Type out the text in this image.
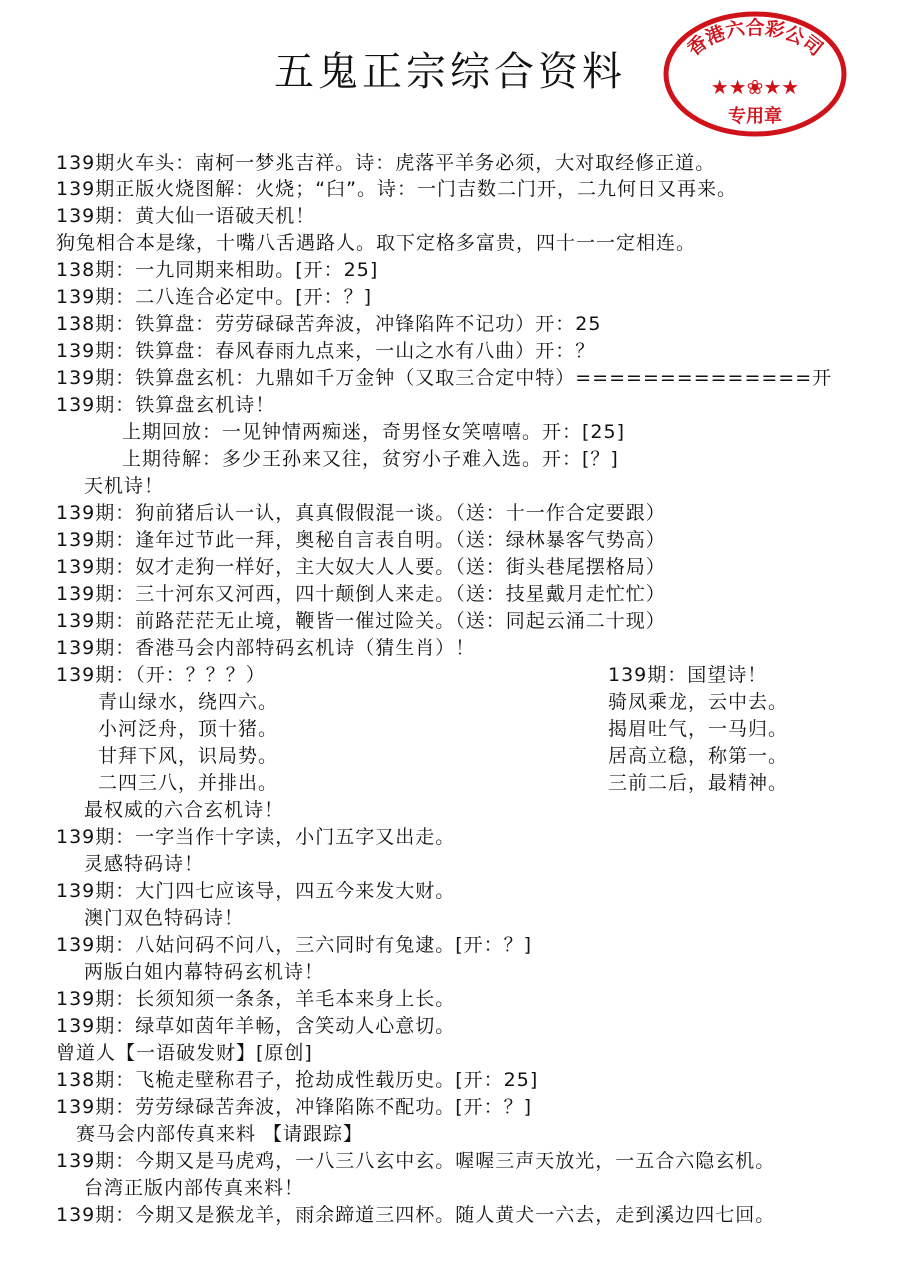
五鬼正宗综合资料
香港六合彩公司
★★❀★★
专用章
139期火车头：南柯一梦兆吉祥。诗：虎落平羊务必须，大对取经修正道。
139期正版火烧图解：火烧；“臼”。诗：一门吉数二门开，二九何日又再来。
139期：黄大仙一语破天机！
狗兔相合本是缘，十嘴八舌遇路人。取下定格多富贵，四十一一定相连。
138期：一九同期来相助。[开：25]
139期：二八连合必定中。[开：？]
138期：铁算盘：劳劳碌碌苦奔波，冲锋陷阵不记功）开：25
139期：铁算盘：春风春雨九点来，一山之水有八曲）开：？
139期：铁算盘玄机：九鼎如千万金钟（又取三合定中特）==============开
139期：铁算盘玄机诗！
上期回放：一见钟情两痴迷，奇男怪女笑嘻嘻。开：[25]
上期待解：多少王孙来又往，贫穷小子难入选。开：[？]
天机诗！
139期：狗前猪后认一认，真真假假混一谈。（送：十一作合定要跟）
139期：逢年过节此一拜，奥秘自言表自明。（送：绿林暴客气势高）
139期：奴才走狗一样好，主大奴大人人要。（送：街头巷尾摆格局）
139期：三十河东又河西，四十颠倒人来走。（送：技星戴月走忙忙）
139期：前路茫茫无止境，鞭皆一催过险关。（送：同起云涌二十现）
139期：香港马会内部特码玄机诗（猜生肖）！
139期：（开：？？？）
青山绿水，绕四六。
小河泛舟，顶十猪。
甘拜下风，识局势。
二四三八，并排出。
139期：国望诗！
骑凤乘龙，云中去。
揭眉吐气，一马归。
居高立稳，称第一。
三前二后，最精神。
最权威的六合玄机诗！
139期：一字当作十字读，小门五字又出走。
灵感特码诗！
139期：大门四七应该导，四五今来发大财。
澳门双色特码诗！
139期：八姑问码不问八，三六同时有兔逮。[开：？]
两版白姐内幕特码玄机诗！
139期：长须知须一条条，羊毛本来身上长。
139期：绿草如茵年羊畅，含笑动人心意切。
曾道人【一语破发财】[原创]
138期：飞桅走壁称君子，抢劫成性载历史。[开：25]
139期：劳劳绿碌苦奔波，冲锋陷陈不配功。[开：？]
赛马会内部传真来料 【请跟踪】
139期：今期又是马虎鸡，一八三八玄中玄。喔喔三声天放光，一五合六隐玄机。
台湾正版内部传真来料！
139期：今期又是猴龙羊，雨余蹄道三四杯。随人黄犬一六去，走到溪边四七回。
